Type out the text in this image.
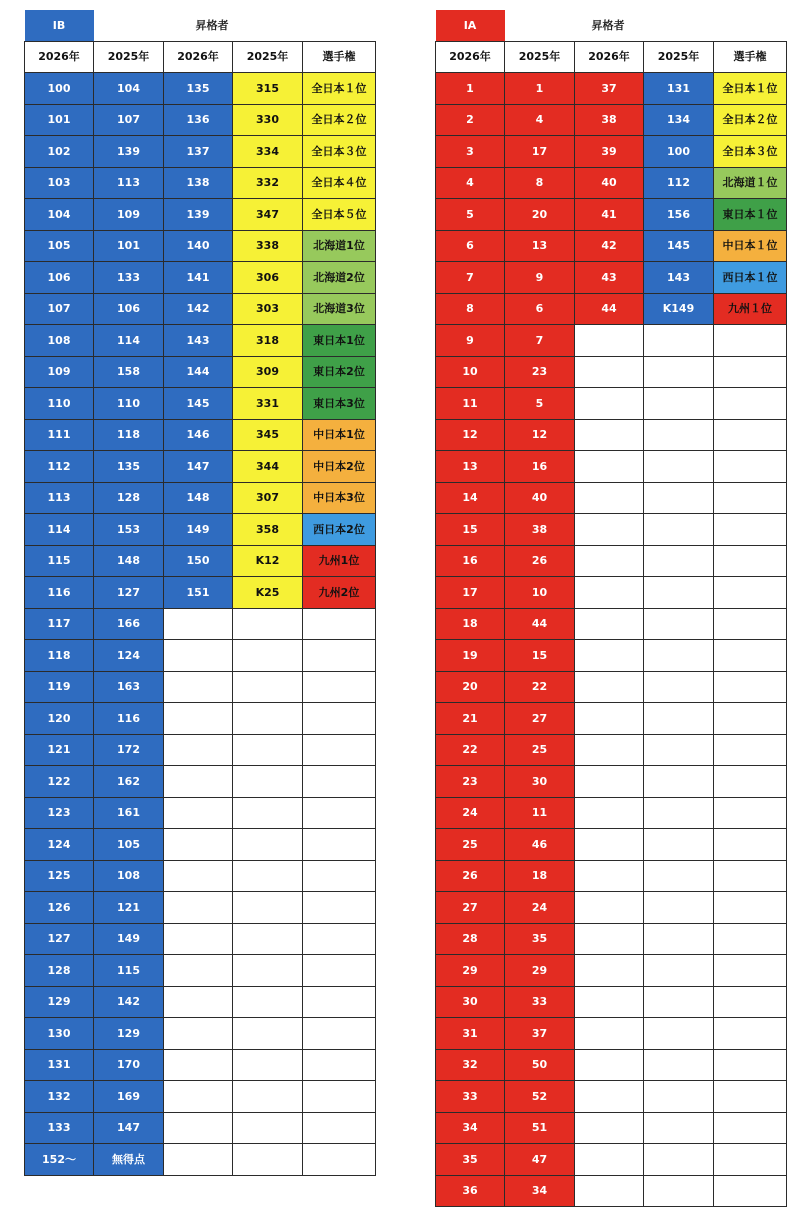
IB	昇格者			
2026年	2025年	2026年	2025年	選手権
100	104	135	315	全日本１位
101	107	136	330	全日本２位
102	139	137	334	全日本３位
103	113	138	332	全日本４位
104	109	139	347	全日本５位
105	101	140	338	北海道1位
106	133	141	306	北海道2位
107	106	142	303	北海道3位
108	114	143	318	東日本1位
109	158	144	309	東日本2位
110	110	145	331	東日本3位
111	118	146	345	中日本1位
112	135	147	344	中日本2位
113	128	148	307	中日本3位
114	153	149	358	西日本2位
115	148	150	K12	九州1位
116	127	151	K25	九州2位
117	166			
118	124			
119	163			
120	116			
121	172			
122	162			
123	161			
124	105			
125	108			
126	121			
127	149			
128	115			
129	142			
130	129			
131	170			
132	169			
133	147			
152〜	無得点			
IA	昇格者			
2026年	2025年	2026年	2025年	選手権
1	1	37	131	全日本１位
2	4	38	134	全日本２位
3	17	39	100	全日本３位
4	8	40	112	北海道１位
5	20	41	156	東日本１位
6	13	42	145	中日本１位
7	9	43	143	西日本１位
8	6	44	K149	九州１位
9	7			
10	23			
11	5			
12	12			
13	16			
14	40			
15	38			
16	26			
17	10			
18	44			
19	15			
20	22			
21	27			
22	25			
23	30			
24	11			
25	46			
26	18			
27	24			
28	35			
29	29			
30	33			
31	37			
32	50			
33	52			
34	51			
35	47			
36	34			
